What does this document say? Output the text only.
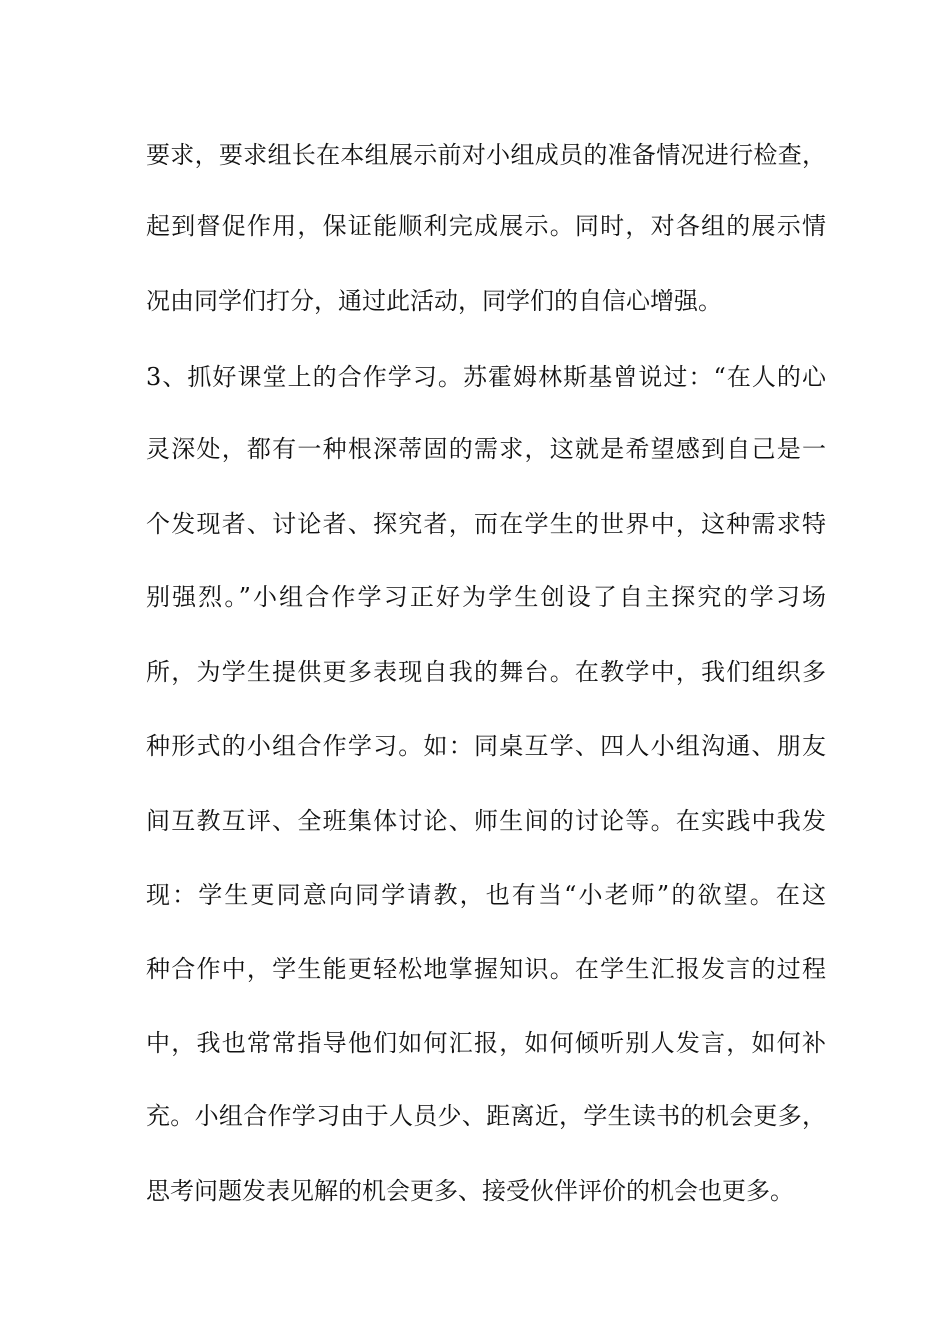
要求，要求组长在本组展示前对小组成员的准备情况进行检查，
起到督促作用，保证能顺利完成展示。同时，对各组的展示情
况由同学们打分，通过此活动，同学们的自信心增强。
3、抓好课堂上的合作学习。苏霍姆林斯基曾说过：“在人的心
灵深处，都有一种根深蒂固的需求，这就是希望感到自己是一
个发现者、讨论者、探究者，而在学生的世界中，这种需求特
别强烈。”小组合作学习正好为学生创设了自主探究的学习场
所，为学生提供更多表现自我的舞台。在教学中，我们组织多
种形式的小组合作学习。如：同桌互学、四人小组沟通、朋友
间互教互评、全班集体讨论、师生间的讨论等。在实践中我发
现：学生更同意向同学请教，也有当“小老师”的欲望。在这
种合作中，学生能更轻松地掌握知识。在学生汇报发言的过程
中，我也常常指导他们如何汇报，如何倾听别人发言，如何补
充。小组合作学习由于人员少、距离近，学生读书的机会更多，
思考问题发表见解的机会更多、接受伙伴评价的机会也更多。
